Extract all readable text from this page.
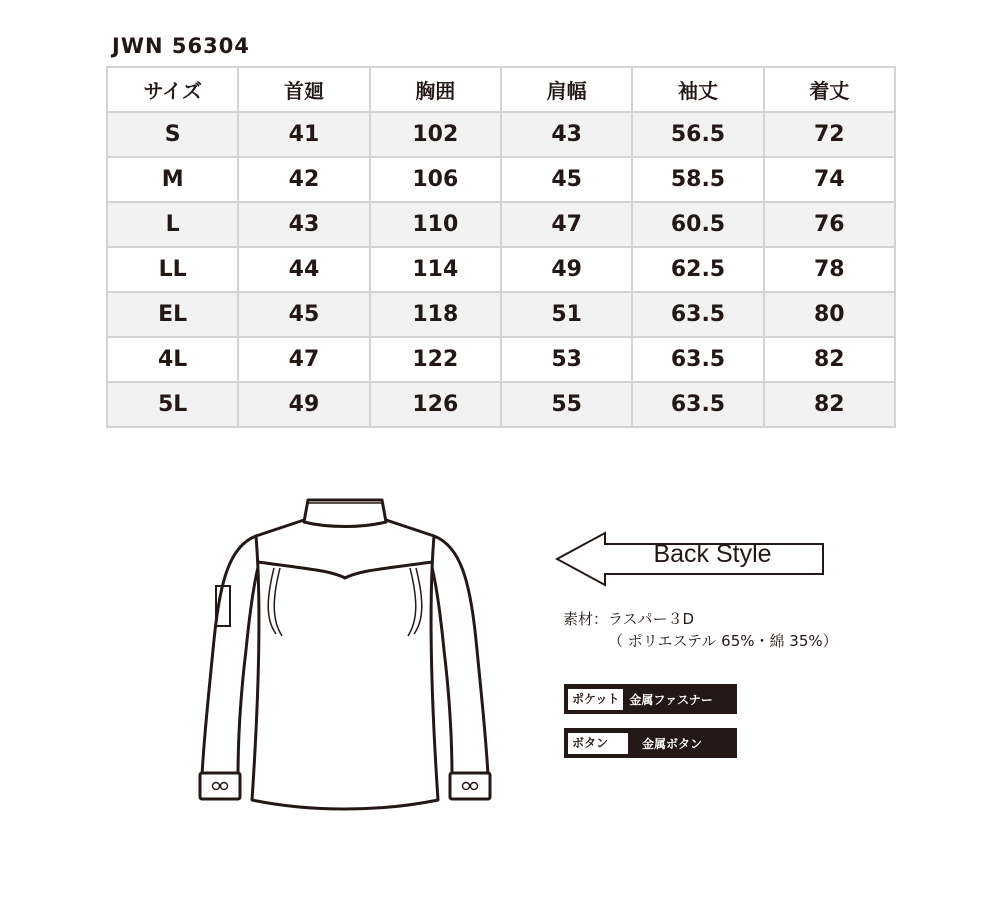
JWN 56304
サイズ	首廻	胸囲	肩幅	袖丈	着丈
S	41	102	43	56.5	72
M	42	106	45	58.5	74
L	43	110	47	60.5	76
LL	44	114	49	62.5	78
EL	45	118	51	63.5	80
4L	47	122	53	63.5	82
5L	49	126	55	63.5	82
Back Style
素材：ラスパー３D
（ ポリエステル 65%・綿 35%）
ポケット 金属ファスナー
ボタン	金属ボタン
